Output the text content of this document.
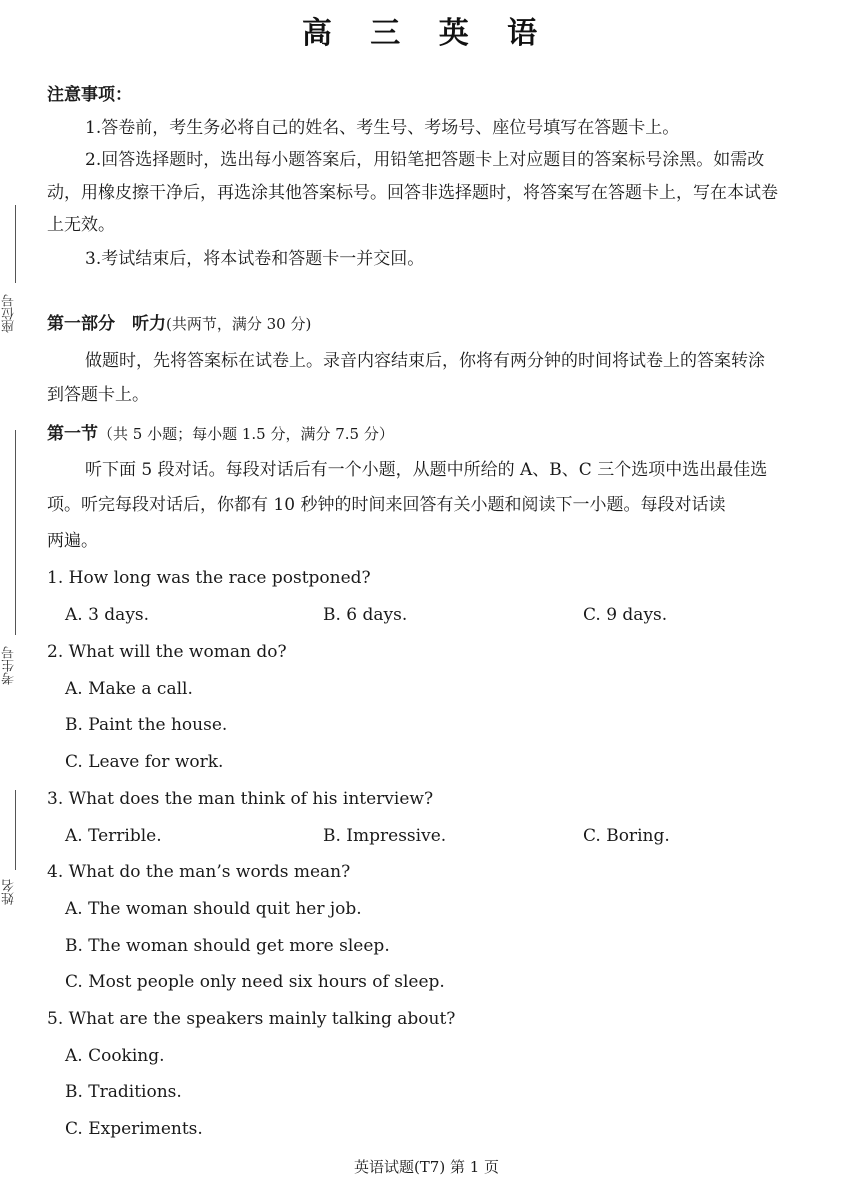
高 三 英 语
座位号
考生号
姓名
注意事项：
1.答卷前，考生务必将自己的姓名、考生号、考场号、座位号填写在答题卡上。
2.回答选择题时，选出每小题答案后，用铅笔把答题卡上对应题目的答案标号涂黑。如需改
动，用橡皮擦干净后，再选涂其他答案标号。回答非选择题时，将答案写在答题卡上，写在本试卷
上无效。
3.考试结束后，将本试卷和答题卡一并交回。
第一部分　听力(共两节，满分 30 分)
做题时，先将答案标在试卷上。录音内容结束后，你将有两分钟的时间将试卷上的答案转涂
到答题卡上。
第一节（共 5 小题；每小题 1.5 分，满分 7.5 分）
听下面 5 段对话。每段对话后有一个小题，从题中所给的 A、B、C 三个选项中选出最佳选
项。听完每段对话后，你都有 10 秒钟的时间来回答有关小题和阅读下一小题。每段对话读
两遍。
1. How long was the race postponed?
A. 3 days.	B. 6 days.	C. 9 days.
2. What will the woman do?
A. Make a call.
B. Paint the house.
C. Leave for work.
3. What does the man think of his interview?
A. Terrible.	B. Impressive.	C. Boring.
4. What do the man’s words mean?
A. The woman should quit her job.
B. The woman should get more sleep.
C. Most people only need six hours of sleep.
5. What are the speakers mainly talking about?
A. Cooking.
B. Traditions.
C. Experiments.
英语试题(T7) 第 1 页
